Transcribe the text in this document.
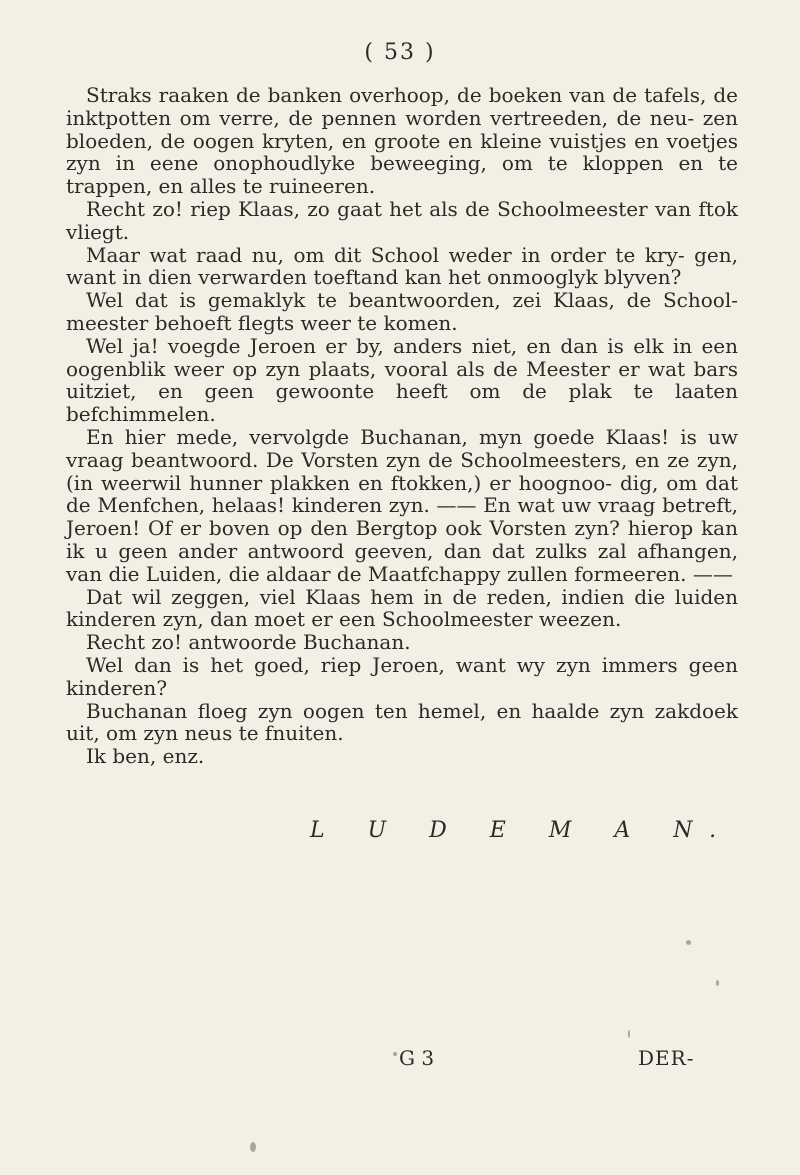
( 53 )

Straks raaken de banken overhoop, de boeken van de tafels, de inktpotten om verre, de pennen worden vertreeden, de neu- zen bloeden, de oogen kryten, en groote en kleine vuistjes en voetjes zyn in eene onophoudlyke beweeging, om te kloppen en te trappen, en alles te ruineeren.

Recht zo! riep Klaas, zo gaat het als de Schoolmeester van ftok vliegt.

Maar wat raad nu, om dit School weder in order te kry- gen, want in dien verwarden toeftand kan het onmooglyk blyven?

Wel dat is gemaklyk te beantwoorden, zei Klaas, de School- meester behoeft flegts weer te komen.

Wel ja! voegde Jeroen er by, anders niet, en dan is elk in een oogenblik weer op zyn plaats, vooral als de Meester er wat bars uitziet, en geen gewoonte heeft om de plak te laaten befchimmelen.

En hier mede, vervolgde Buchanan, myn goede Klaas! is uw vraag beantwoord. De Vorsten zyn de Schoolmeesters, en ze zyn, (in weerwil hunner plakken en ftokken,) er hoognoo- dig, om dat de Menfchen, helaas! kinderen zyn. —— En wat uw vraag betreft, Jeroen! Of er boven op den Bergtop ook Vorsten zyn? hierop kan ik u geen ander antwoord geeven, dan dat zulks zal afhangen, van die Luiden, die aldaar de Maatfchappy zullen formeeren. ——

Dat wil zeggen, viel Klaas hem in de reden, indien die luiden kinderen zyn, dan moet er een Schoolmeester weezen.

Recht zo! antwoorde Buchanan.

Wel dan is het goed, riep Jeroen, want wy zyn immers geen kinderen?

Buchanan floeg zyn oogen ten hemel, en haalde zyn zakdoek uit, om zyn neus te fnuiten.

Ik ben, enz.

L U D E M A N.
G 3	DER-
